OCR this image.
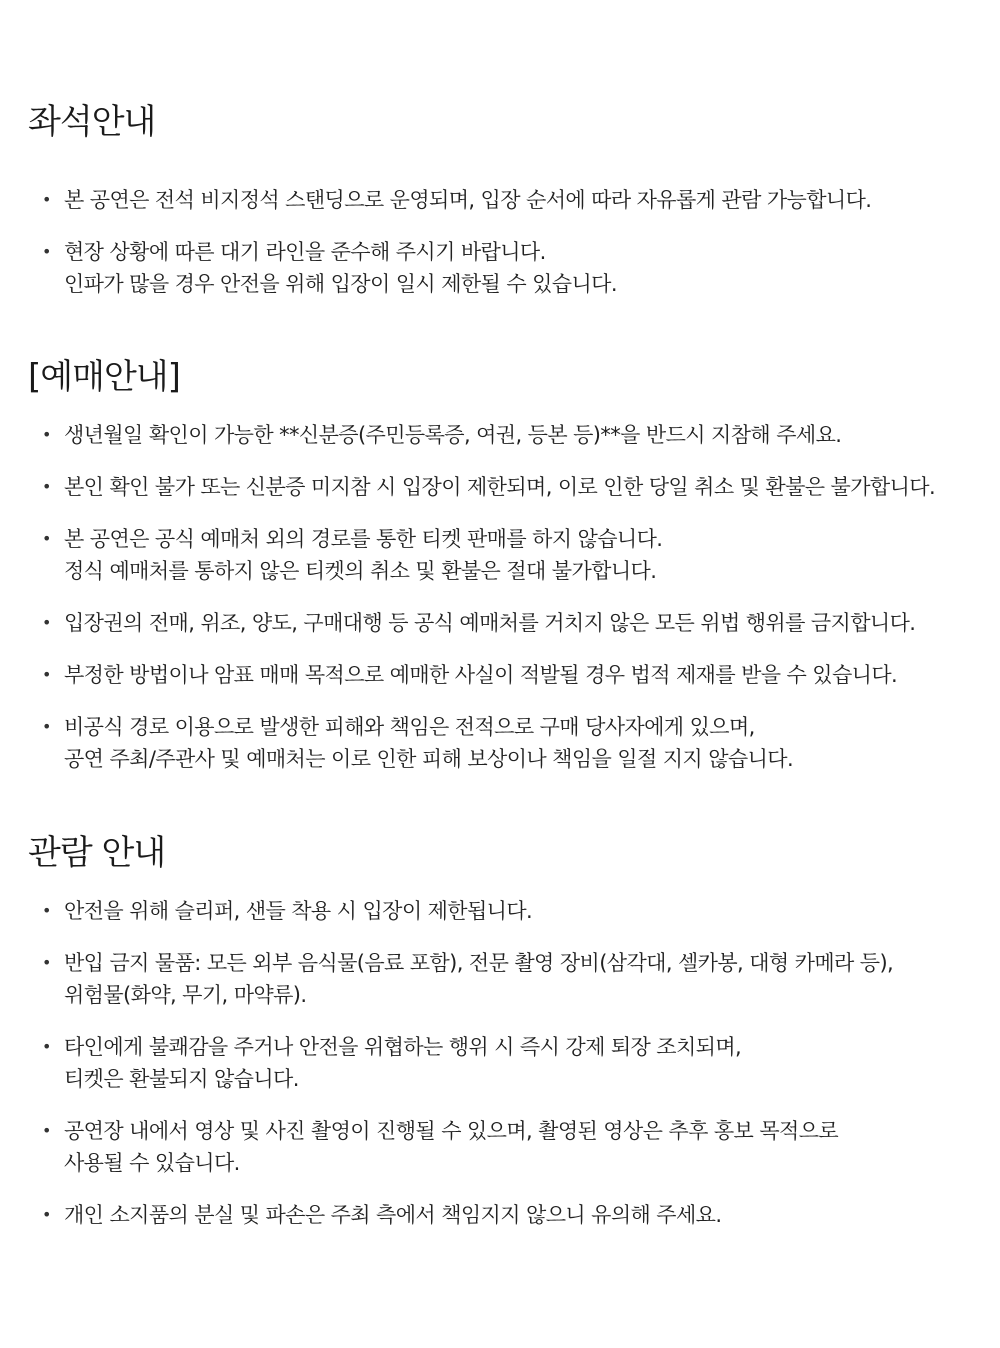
좌석안내
• 본 공연은 전석 비지정석 스탠딩으로 운영되며, 입장 순서에 따라 자유롭게 관람 가능합니다.
• 현장 상황에 따른 대기 라인을 준수해 주시기 바랍니다.
인파가 많을 경우 안전을 위해 입장이 일시 제한될 수 있습니다.
[예매안내]
• 생년월일 확인이 가능한 **신분증(주민등록증, 여권, 등본 등)**을 반드시 지참해 주세요.
• 본인 확인 불가 또는 신분증 미지참 시 입장이 제한되며, 이로 인한 당일 취소 및 환불은 불가합니다.
• 본 공연은 공식 예매처 외의 경로를 통한 티켓 판매를 하지 않습니다.
정식 예매처를 통하지 않은 티켓의 취소 및 환불은 절대 불가합니다.
• 입장권의 전매, 위조, 양도, 구매대행 등 공식 예매처를 거치지 않은 모든 위법 행위를 금지합니다.
• 부정한 방법이나 암표 매매 목적으로 예매한 사실이 적발될 경우 법적 제재를 받을 수 있습니다.
• 비공식 경로 이용으로 발생한 피해와 책임은 전적으로 구매 당사자에게 있으며,
공연 주최/주관사 및 예매처는 이로 인한 피해 보상이나 책임을 일절 지지 않습니다.
관람 안내
• 안전을 위해 슬리퍼, 샌들 착용 시 입장이 제한됩니다.
• 반입 금지 물품: 모든 외부 음식물(음료 포함), 전문 촬영 장비(삼각대, 셀카봉, 대형 카메라 등),
위험물(화약, 무기, 마약류).
• 타인에게 불쾌감을 주거나 안전을 위협하는 행위 시 즉시 강제 퇴장 조치되며,
티켓은 환불되지 않습니다.
• 공연장 내에서 영상 및 사진 촬영이 진행될 수 있으며, 촬영된 영상은 추후 홍보 목적으로
사용될 수 있습니다.
• 개인 소지품의 분실 및 파손은 주최 측에서 책임지지 않으니 유의해 주세요.
